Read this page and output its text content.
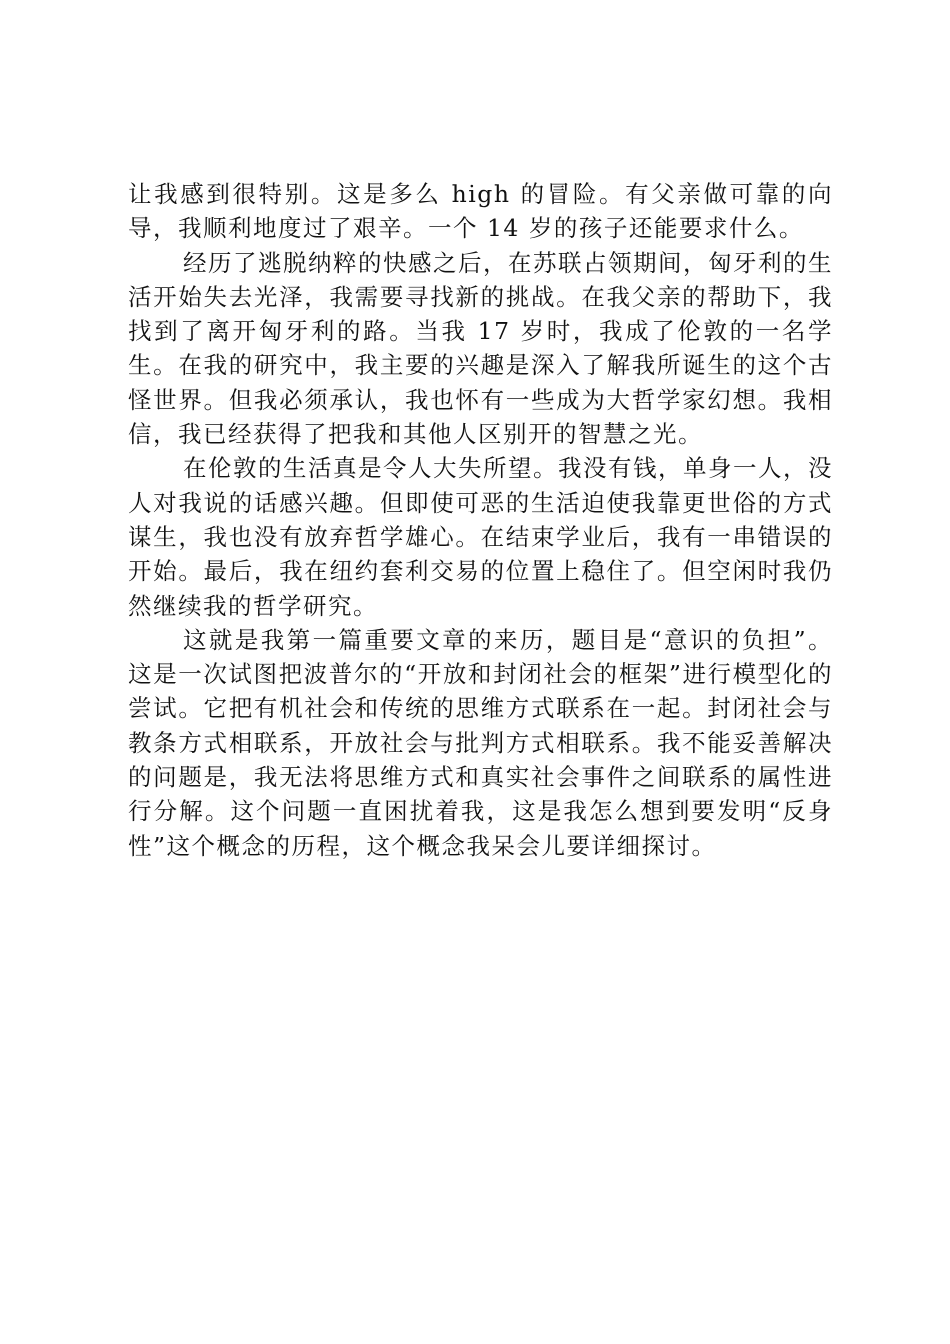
让我感到很特别。这是多么 high 的冒险。有父亲做可靠的向导，我顺利地度过了艰辛。一个 14 岁的孩子还能要求什么。

经历了逃脱纳粹的快感之后，在苏联占领期间，匈牙利的生活开始失去光泽，我需要寻找新的挑战。在我父亲的帮助下，我找到了离开匈牙利的路。当我 17 岁时，我成了伦敦的一名学生。在我的研究中，我主要的兴趣是深入了解我所诞生的这个古怪世界。但我必须承认，我也怀有一些成为大哲学家幻想。我相信，我已经获得了把我和其他人区别开的智慧之光。

在伦敦的生活真是令人大失所望。我没有钱，单身一人，没人对我说的话感兴趣。但即使可恶的生活迫使我靠更世俗的方式谋生，我也没有放弃哲学雄心。在结束学业后，我有一串错误的开始。最后，我在纽约套利交易的位置上稳住了。但空闲时我仍然继续我的哲学研究。

这就是我第一篇重要文章的来历，题目是“意识的负担”。这是一次试图把波普尔的“开放和封闭社会的框架”进行模型化的尝试。它把有机社会和传统的思维方式联系在一起。封闭社会与教条方式相联系，开放社会与批判方式相联系。我不能妥善解决的问题是，我无法将思维方式和真实社会事件之间联系的属性进行分解。这个问题一直困扰着我，这是我怎么想到要发明“反身性”这个概念的历程，这个概念我呆会儿要详细探讨。
